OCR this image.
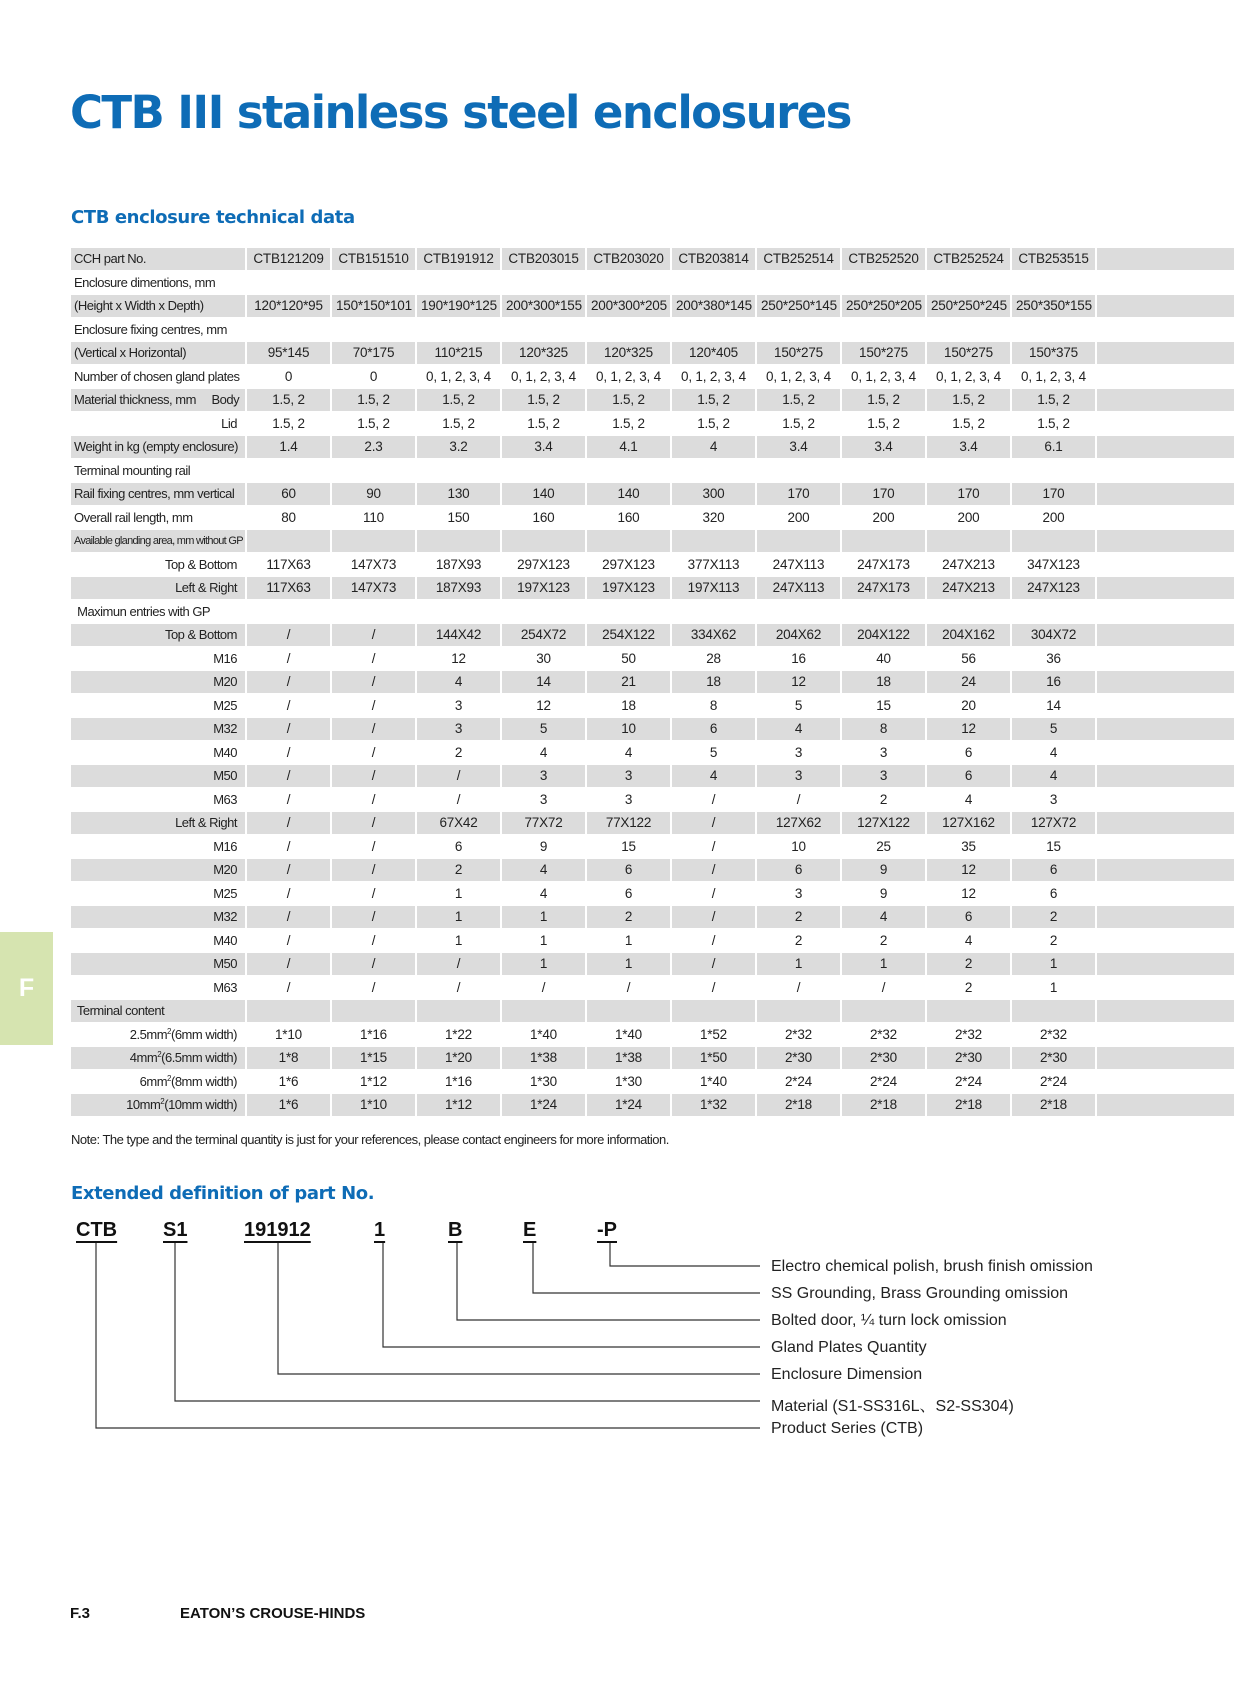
CTB III stainless steel enclosures
CTB enclosure technical data
CCH part No.	CTB121209	CTB151510	CTB191912	CTB203015	CTB203020	CTB203814	CTB252514	CTB252520	CTB252524	CTB253515	
Enclosure dimentions, mm											
(Height x Width x Depth)	120*120*95	150*150*101	190*190*125	200*300*155	200*300*205	200*380*145	250*250*145	250*250*205	250*250*245	250*350*155	
Enclosure fixing centres, mm											
(Vertical x Horizontal)	95*145	70*175	110*215	120*325	120*325	120*405	150*275	150*275	150*275	150*375	
Number of chosen gland plates	0	0	0, 1, 2, 3, 4	0, 1, 2, 3, 4	0, 1, 2, 3, 4	0, 1, 2, 3, 4	0, 1, 2, 3, 4	0, 1, 2, 3, 4	0, 1, 2, 3, 4	0, 1, 2, 3, 4	
Material thickness, mm     Body	1.5, 2	1.5, 2	1.5, 2	1.5, 2	1.5, 2	1.5, 2	1.5, 2	1.5, 2	1.5, 2	1.5, 2	
Lid	1.5, 2	1.5, 2	1.5, 2	1.5, 2	1.5, 2	1.5, 2	1.5, 2	1.5, 2	1.5, 2	1.5, 2	
Weight in kg (empty enclosure)	1.4	2.3	3.2	3.4	4.1	4	3.4	3.4	3.4	6.1	
Terminal mounting rail											
Rail fixing centres, mm vertical	60	90	130	140	140	300	170	170	170	170	
Overall rail length, mm	80	110	150	160	160	320	200	200	200	200	
Available glanding area, mm without GP											
Top & Bottom	117X63	147X73	187X93	297X123	297X123	377X113	247X113	247X173	247X213	347X123	
Left & Right	117X63	147X73	187X93	197X123	197X123	197X113	247X113	247X173	247X213	247X123	
Maximun entries with GP											
Top & Bottom	/	/	144X42	254X72	254X122	334X62	204X62	204X122	204X162	304X72	
M16	/	/	12	30	50	28	16	40	56	36	
M20	/	/	4	14	21	18	12	18	24	16	
M25	/	/	3	12	18	8	5	15	20	14	
M32	/	/	3	5	10	6	4	8	12	5	
M40	/	/	2	4	4	5	3	3	6	4	
M50	/	/	/	3	3	4	3	3	6	4	
M63	/	/	/	3	3	/	/	2	4	3	
Left & Right	/	/	67X42	77X72	77X122	/	127X62	127X122	127X162	127X72	
M16	/	/	6	9	15	/	10	25	35	15	
M20	/	/	2	4	6	/	6	9	12	6	
M25	/	/	1	4	6	/	3	9	12	6	
M32	/	/	1	1	2	/	2	4	6	2	
M40	/	/	1	1	1	/	2	2	4	2	
M50	/	/	/	1	1	/	1	1	2	1	
M63	/	/	/	/	/	/	/	/	2	1	
Terminal content											
$2.5mm^2(6mm$ width)	1*10	1*16	1*22	1*40	1*40	1*52	2*32	2*32	2*32	2*32	
$4mm^2(6.5mm$ width)	1*8	1*15	1*20	1*38	1*38	1*50	2*30	2*30	2*30	2*30	
$6mm^2(8mm$ width)	1*6	1*12	1*16	1*30	1*30	1*40	2*24	2*24	2*24	2*24	
$10mm^2(10mm$ width)	1*6	1*10	1*12	1*24	1*24	1*32	2*18	2*18	2*18	2*18	

Note: The type and the terminal quantity is just for your references, please contact engineers for more information.

Extended definition of part No.
CTB S1	191912	1	B	E	-P
Electro chemical polish, brush finish omission
SS Grounding, Brass Grounding omission
Bolted door, ¼ turn lock omission
Gland Plates Quantity
Enclosure Dimension
Material (S1-SS316L、S2-SS304)
Product Series (CTB)
F
F.3	EATON’S CROUSE-HINDS
